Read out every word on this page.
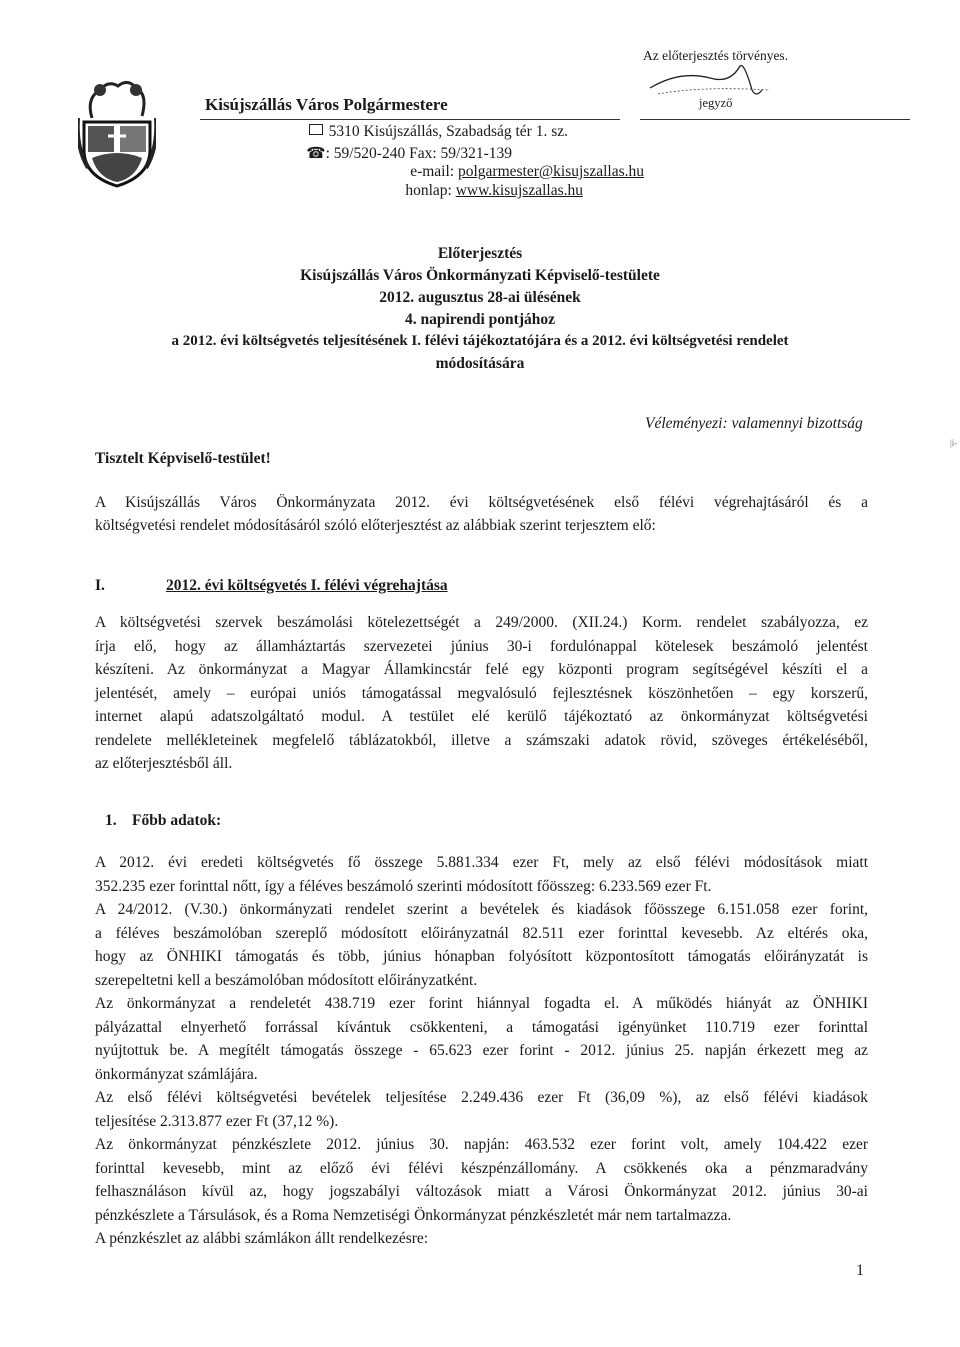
Az előterjesztés törvényes.
jegyző
Kisújszállás Város Polgármestere
5310 Kisújszállás, Szabadság tér 1. sz.
☎: 59/520-240 Fax: 59/321-139
e-mail: polgarmester@kisujszallas.hu
honlap: www.kisujszallas.hu
Előterjesztés
Kisújszállás Város Önkormányzati Képviselő-testülete
2012. augusztus 28-ai ülésének
4. napirendi pontjához
a 2012. évi költségvetés teljesítésének I. félévi tájékoztatójára és a 2012. évi költségvetési rendelet
módosítására
Véleményezi: valamennyi bizottság
Tisztelt Képviselő-testület!
|i-
A Kisújszállás Város Önkormányzata 2012. évi költségvetésének első félévi végrehajtásáról és a
költségvetési rendelet módosításáról szóló előterjesztést az alábbiak szerint terjesztem elő:
I.	2012. évi költségvetés I. félévi végrehajtása
A költségvetési szervek beszámolási kötelezettségét a 249/2000. (XII.24.) Korm. rendelet szabályozza, ez
írja elő, hogy az államháztartás szervezetei június 30-i fordulónappal kötelesek beszámoló jelentést
készíteni. Az önkormányzat a Magyar Államkincstár felé egy központi program segítségével készíti el a
jelentését, amely – európai uniós támogatással megvalósuló fejlesztésnek köszönhetően – egy korszerű,
internet alapú adatszolgáltató modul. A testület elé kerülő tájékoztató az önkormányzat költségvetési
rendelete mellékleteinek megfelelő táblázatokból, illetve a számszaki adatok rövid, szöveges értékeléséből,
az előterjesztésből áll.
1. Főbb adatok:
A 2012. évi eredeti költségvetés fő összege 5.881.334 ezer Ft, mely az első félévi módosítások miatt
352.235 ezer forinttal nőtt, így a féléves beszámoló szerinti módosított főösszeg: 6.233.569 ezer Ft.
A 24/2012. (V.30.) önkormányzati rendelet szerint a bevételek és kiadások főösszege 6.151.058 ezer forint,
a féléves beszámolóban szereplő módosított előirányzatnál 82.511 ezer forinttal kevesebb. Az eltérés oka,
hogy az ÖNHIKI támogatás és több, június hónapban folyósított központosított támogatás előirányzatát is
szerepeltetni kell a beszámolóban módosított előirányzatként.
Az önkormányzat a rendeletét 438.719 ezer forint hiánnyal fogadta el. A működés hiányát az ÖNHIKI
pályázattal elnyerhető forrással kívántuk csökkenteni, a támogatási igényünket 110.719 ezer forinttal
nyújtottuk be. A megítélt támogatás összege - 65.623 ezer forint - 2012. június 25. napján érkezett meg az
önkormányzat számlájára.
Az első félévi költségvetési bevételek teljesítése 2.249.436 ezer Ft (36,09 %), az első félévi kiadások
teljesítése 2.313.877 ezer Ft (37,12 %).
Az önkormányzat pénzkészlete 2012. június 30. napján: 463.532 ezer forint volt, amely 104.422 ezer
forinttal kevesebb, mint az előző évi félévi készpénzállomány. A csökkenés oka a pénzmaradvány
felhasználáson kívül az, hogy jogszabályi változások miatt a Városi Önkormányzat 2012. június 30-ai
pénzkészlete a Társulások, és a Roma Nemzetiségi Önkormányzat pénzkészletét már nem tartalmazza.
A pénzkészlet az alábbi számlákon állt rendelkezésre:
1
